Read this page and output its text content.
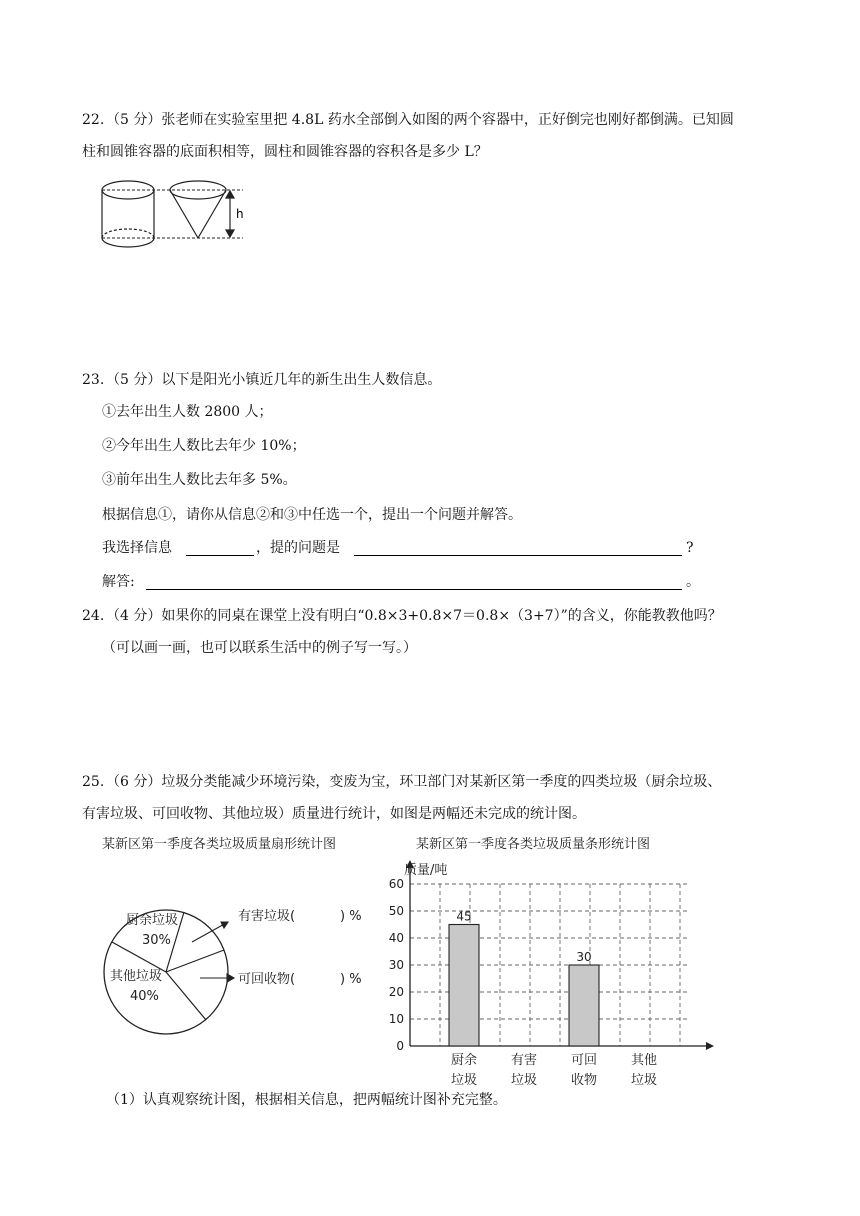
22. （5 分）张老师在实验室里把 4.8L 药水全部倒入如图的两个容器中，正好倒完也刚好都倒满。已知圆
柱和圆锥容器的底面积相等，圆柱和圆锥容器的容积各是多少 L？
h
23. （5 分）以下是阳光小镇近几年的新生出生人数信息。
①去年出生人数 2800 人；
②今年出生人数比去年少 10%；
③前年出生人数比去年多 5%。
根据信息①，请你从信息②和③中任选一个，提出一个问题并解答。
我选择信息	，提的问题是	?
解答:	。
24. （4 分）如果你的同桌在课堂上没有明白“0.8×3+0.8×7＝0.8×（3+7）”的含义，你能教教他吗？
（可以画一画，也可以联系生活中的例子写一写。）
25. （6 分）垃圾分类能减少环境污染，变废为宝，环卫部门对某新区第一季度的四类垃圾（厨余垃圾、
有害垃圾、可回收物、其他垃圾）质量进行统计，如图是两幅还未完成的统计图。
某新区第一季度各类垃圾质量扇形统计图
厨余垃圾
30%
其他垃圾
40%
有害垃圾(	) %
可回收物(	) %
某新区第一季度各类垃圾质量条形统计图
0
10
20
30
40
50
60
45
30
厨余
垃圾
有害
垃圾
可回
收物
其他
垃圾
质量/吨
（1）认真观察统计图，根据相关信息，把两幅统计图补充完整。
